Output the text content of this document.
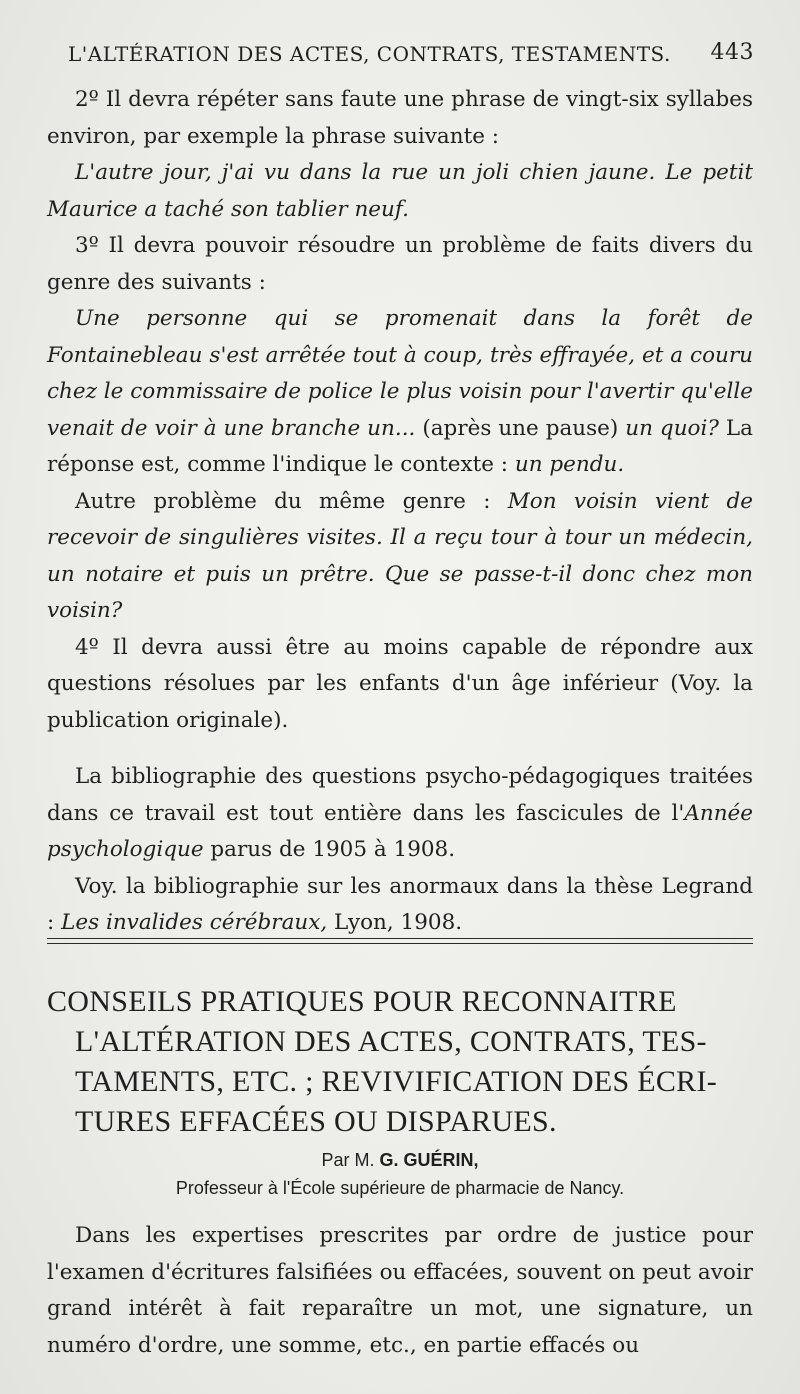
L'ALTÉRATION DES ACTES, CONTRATS, TESTAMENTS. 443

2º Il devra répéter sans faute une phrase de vingt-six syllabes environ, par exemple la phrase suivante :

L'autre jour, j'ai vu dans la rue un joli chien jaune. Le petit Maurice a taché son tablier neuf.

3º Il devra pouvoir résoudre un problème de faits divers du genre des suivants :

Une personne qui se promenait dans la forêt de Fontainebleau s'est arrêtée tout à coup, très effrayée, et a couru chez le commissaire de police le plus voisin pour l'avertir qu'elle venait de voir à une branche un... (après une pause) un quoi? La réponse est, comme l'indique le contexte : un pendu.

Autre problème du même genre : Mon voisin vient de recevoir de singulières visites. Il a reçu tour à tour un médecin, un notaire et puis un prêtre. Que se passe-t-il donc chez mon voisin?

4º Il devra aussi être au moins capable de répondre aux questions résolues par les enfants d'un âge inférieur (Voy. la publication originale).

La bibliographie des questions psycho-pédagogiques traitées dans ce travail est tout entière dans les fascicules de l'Année psychologique parus de 1905 à 1908.

Voy. la bibliographie sur les anormaux dans la thèse Legrand : Les invalides cérébraux, Lyon, 1908.

CONSEILS PRATIQUES POUR RECONNAITRE
L'ALTÉRATION DES ACTES, CONTRATS, TES-
TAMENTS, ETC. ; REVIVIFICATION DES ÉCRI-
TURES EFFACÉES OU DISPARUES.
Par M. G. GUÉRIN,
Professeur à l'École supérieure de pharmacie de Nancy.

Dans les expertises prescrites par ordre de justice pour l'examen d'écritures falsifiées ou effacées, souvent on peut avoir grand intérêt à fait reparaître un mot, une signature, un numéro d'ordre, une somme, etc., en partie effacés ou
